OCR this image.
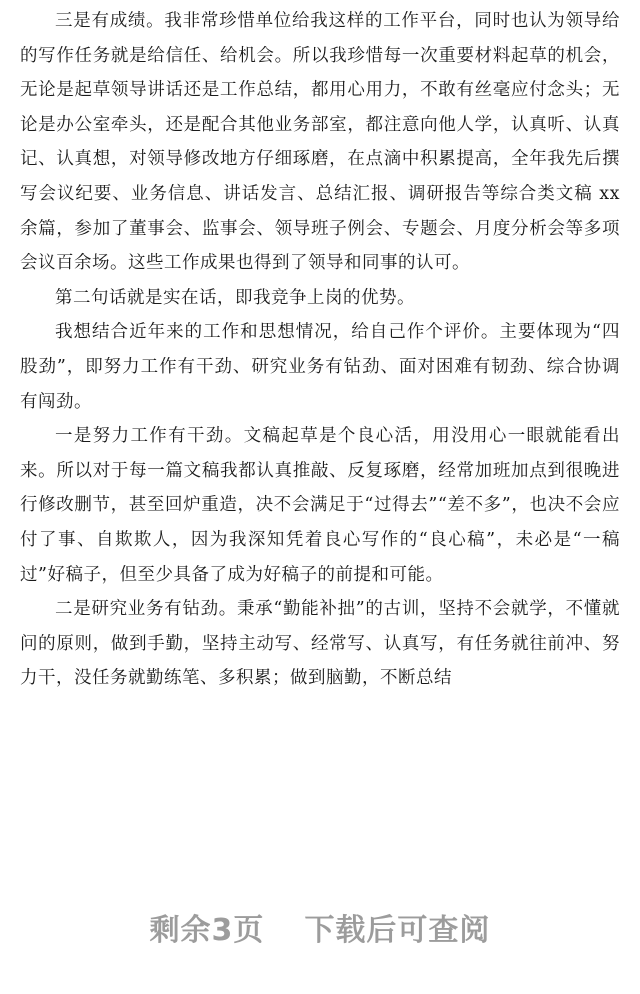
三是有成绩。我非常珍惜单位给我这样的工作平台，同时也认为领导给的写作任务就是给信任、给机会。所以我珍惜每一次重要材料起草的机会，无论是起草领导讲话还是工作总结，都用心用力，不敢有丝毫应付念头；无论是办公室牵头，还是配合其他业务部室，都注意向他人学，认真听、认真记、认真想，对领导修改地方仔细琢磨，在点滴中积累提高，全年我先后撰写会议纪要、业务信息、讲话发言、总结汇报、调研报告等综合类文稿 xx 余篇，参加了董事会、监事会、领导班子例会、专题会、月度分析会等多项会议百余场。这些工作成果也得到了领导和同事的认可。

第二句话就是实在话，即我竞争上岗的优势。

我想结合近年来的工作和思想情况，给自己作个评价。主要体现为“四股劲”，即努力工作有干劲、研究业务有钻劲、面对困难有韧劲、综合协调有闯劲。

一是努力工作有干劲。文稿起草是个良心活，用没用心一眼就能看出来。所以对于每一篇文稿我都认真推敲、反复琢磨，经常加班加点到很晚进行修改删节，甚至回炉重造，决不会满足于“过得去”“差不多”，也决不会应付了事、自欺欺人，因为我深知凭着良心写作的“良心稿”，未必是“一稿过”好稿子，但至少具备了成为好稿子的前提和可能。

二是研究业务有钻劲。秉承“勤能补拙”的古训，坚持不会就学，不懂就问的原则，做到手勤，坚持主动写、经常写、认真写，有任务就往前冲、努力干，没任务就勤练笔、多积累；做到脑勤，不断总结

剩余3页 下载后可查阅
